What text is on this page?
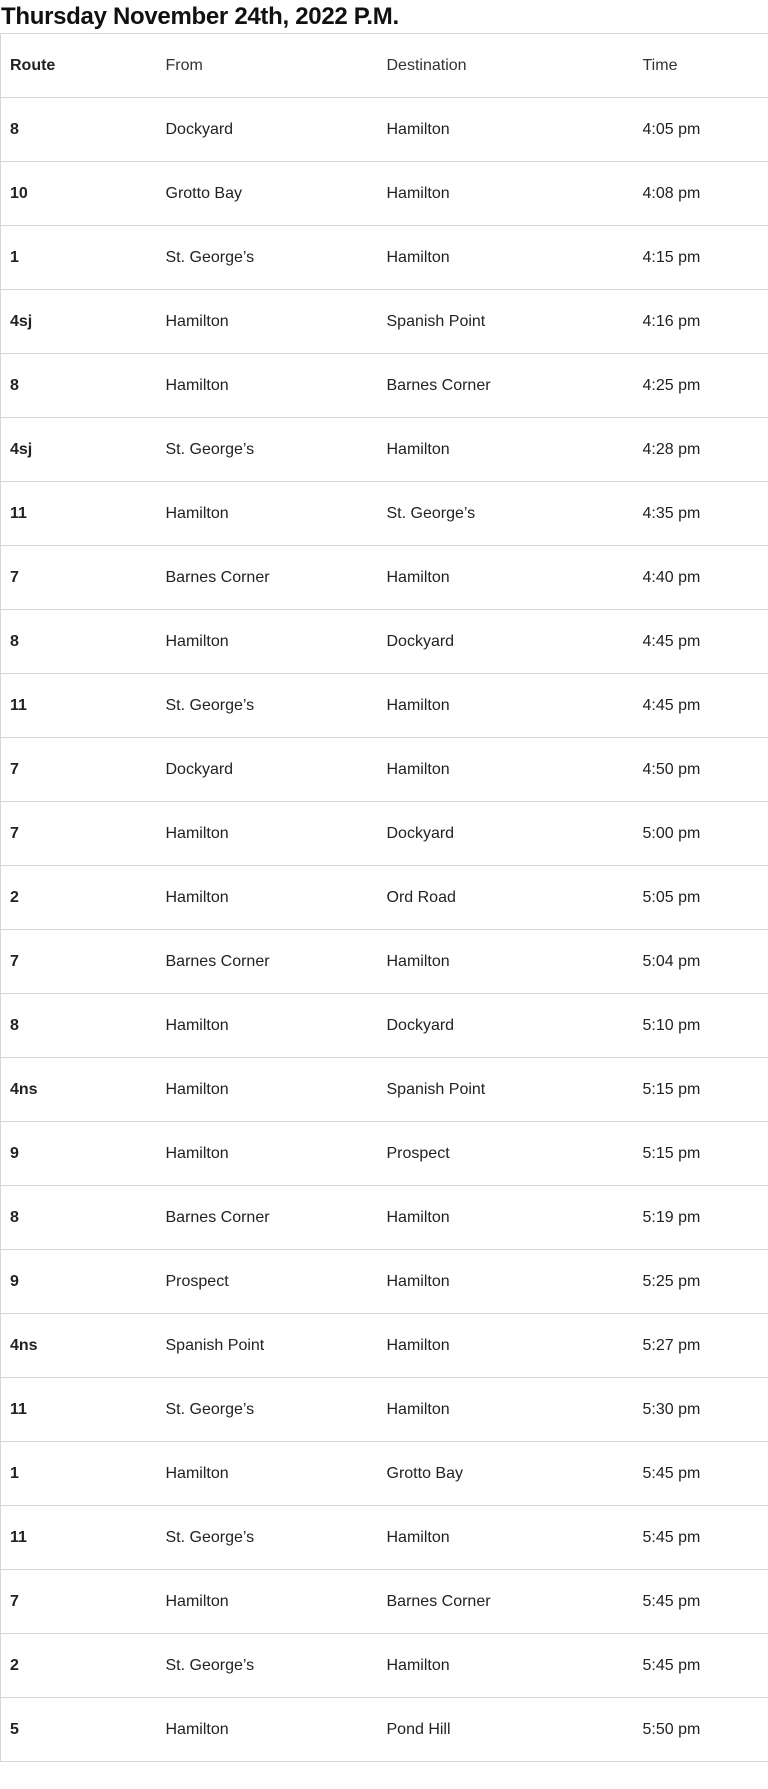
Thursday November 24th, 2022 P.M.
Route	From	Destination	Time
8	Dockyard	Hamilton	4:05 pm
10	Grotto Bay	Hamilton	4:08 pm
1	St. George’s	Hamilton	4:15 pm
4sj	Hamilton	Spanish Point	4:16 pm
8	Hamilton	Barnes Corner	4:25 pm
4sj	St. George’s	Hamilton	4:28 pm
11	Hamilton	St. George’s	4:35 pm
7	Barnes Corner	Hamilton	4:40 pm
8	Hamilton	Dockyard	4:45 pm
11	St. George’s	Hamilton	4:45 pm
7	Dockyard	Hamilton	4:50 pm
7	Hamilton	Dockyard	5:00 pm
2	Hamilton	Ord Road	5:05 pm
7	Barnes Corner	Hamilton	5:04 pm
8	Hamilton	Dockyard	5:10 pm
4ns	Hamilton	Spanish Point	5:15 pm
9	Hamilton	Prospect	5:15 pm
8	Barnes Corner	Hamilton	5:19 pm
9	Prospect	Hamilton	5:25 pm
4ns	Spanish Point	Hamilton	5:27 pm
11	St. George’s	Hamilton	5:30 pm
1	Hamilton	Grotto Bay	5:45 pm
11	St. George’s	Hamilton	5:45 pm
7	Hamilton	Barnes Corner	5:45 pm
2	St. George’s	Hamilton	5:45 pm
5	Hamilton	Pond Hill	5:50 pm
